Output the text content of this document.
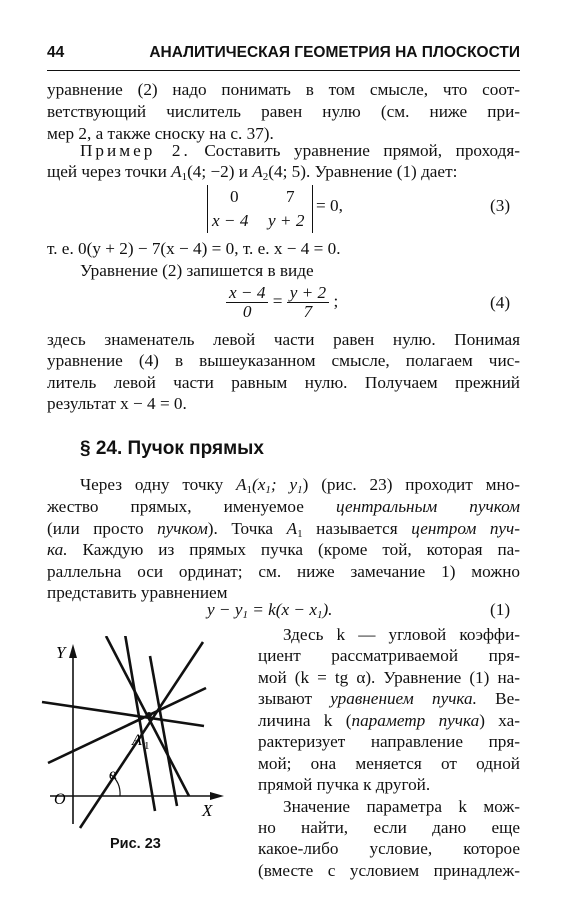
44	АНАЛИТИЧЕСКАЯ ГЕОМЕТРИЯ НА ПЛОСКОСТИ
уравнение (2) надо понимать в том смысле, что соот-
ветствующий числитель равен нулю (см. ниже при-
мер 2, а также сноску на с. 37).
Пример 2. Составить уравнение прямой, проходя-
щей через точки $A_1(4$; −2) и $A_2(4$; 5). Уравнение (1) дает:
0	7
x − 4 y + 2
= 0,	(3)
т. е. 0(y + 2) − 7(x − 4) = 0, т. е. x − 4 = 0.
Уравнение (2) запишется в виде
$\frac{x - 4}{0} = \frac{y + 2}{7}$ ;	(4)
здесь знаменатель левой части равен нулю. Понимая
уравнение (4) в вышеуказанном смысле, полагаем чис-
литель левой части равным нулю. Получаем прежний
результат x − 4 = 0.
§ 24. Пучок прямых
Через одну точку $A_1(x_1$; $y_1$) (рис. 23) проходит мно-
жество прямых, именуемое центральным пучком
(или просто пучком). Точка $A_1$ называется центром пуч-
ка. Каждую из прямых пучка (кроме той, которая па-
раллельна оси ординат; см. ниже замечание 1) можно
представить уравнением
$y - y_1 = k(x - x_1)$.	(1)
Здесь k — угловой коэффи-
циент рассматриваемой пря-
мой (k = tg α). Уравнение (1) на-
зывают уравнением пучка. Ве-
личина k (параметр пучка) ха-
рактеризует направление пря-
мой; она меняется от одной
прямой пучка к другой.
Значение параметра k мож-
но найти, если дано еще
какое-либо условие, которое
(вместе с условием принадлеж-
Y
X
O
A 1
α
Рис. 23
